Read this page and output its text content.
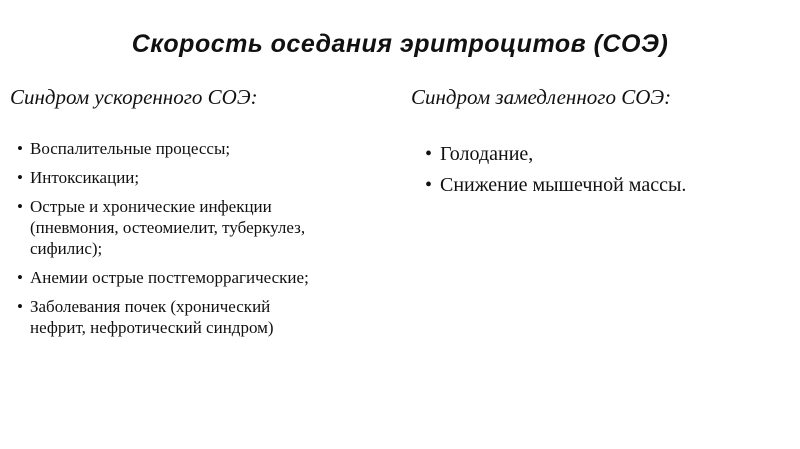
Скорость оседания эритроцитов (СОЭ)
Синдром ускоренного СОЭ:	Синдром замедленного СОЭ:
• Воспалительные процессы;
• Интоксикации;
• Острые и хронические инфекции (пневмония, остеомиелит, туберкулез, сифилис);
• Анемии острые постгеморрагические;
• Заболевания почек (хронический нефрит, нефротический синдром)
• Голодание,
• Снижение мышечной массы.
